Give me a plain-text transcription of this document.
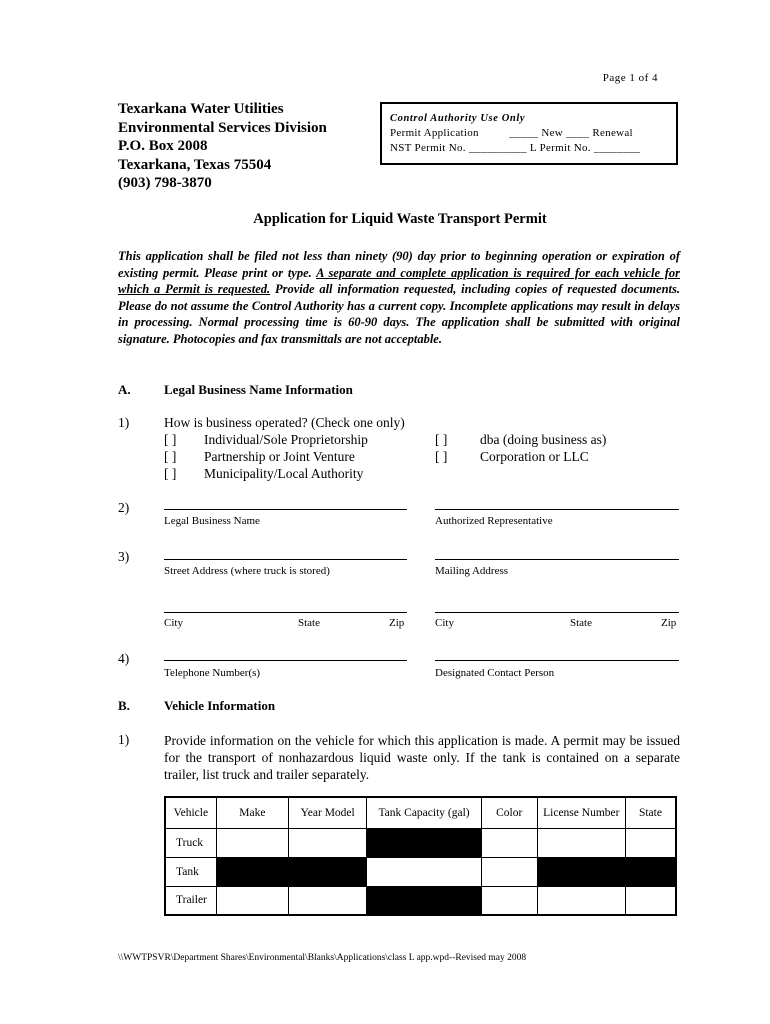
Page 1 of 4
Texarkana Water Utilities
Environmental Services Division
P.O. Box 2008
Texarkana, Texas 75504
(903) 798-3870
Control Authority Use Only
Permit Application          _____ New ____ Renewal
NST Permit No. __________ L Permit No. ________
Application for Liquid Waste Transport Permit
This application shall be filed not less than ninety (90) day prior to beginning operation or expiration of existing permit. Please print or type. A separate and complete application is required for each vehicle for which a Permit is requested. Provide all information requested, including copies of requested documents. Please do not assume the Control Authority has a current copy. Incomplete applications may result in delays in processing. Normal processing time is 60-90 days. The application shall be submitted with original signature. Photocopies and fax transmittals are not acceptable.
A.	Legal Business Name Information
1)	How is business operated? (Check one only)
[ ] Individual/Sole Proprietorship
[ ] Partnership or Joint Venture
[ ] Municipality/Local Authority
[ ] dba (doing business as)
[ ] Corporation or LLC
2)
Legal Business Name	Authorized Representative
3)
Street Address (where truck is stored)	Mailing Address
City	State	Zip	City	State	Zip
4)
Telephone Number(s)	Designated Contact Person
B.	Vehicle Information
1)	Provide information on the vehicle for which this application is made. A permit may be issued for the transport of nonhazardous liquid waste only. If the tank is contained on a separate trailer, list truck and trailer separately.
Vehicle	Make	Year Model	Tank Capacity (gal)	Color	License Number	State
Truck						
Tank						
Trailer						
\\WWTPSVR\Department Shares\Environmental\Blanks\Applications\class L app.wpd--Revised may 2008
